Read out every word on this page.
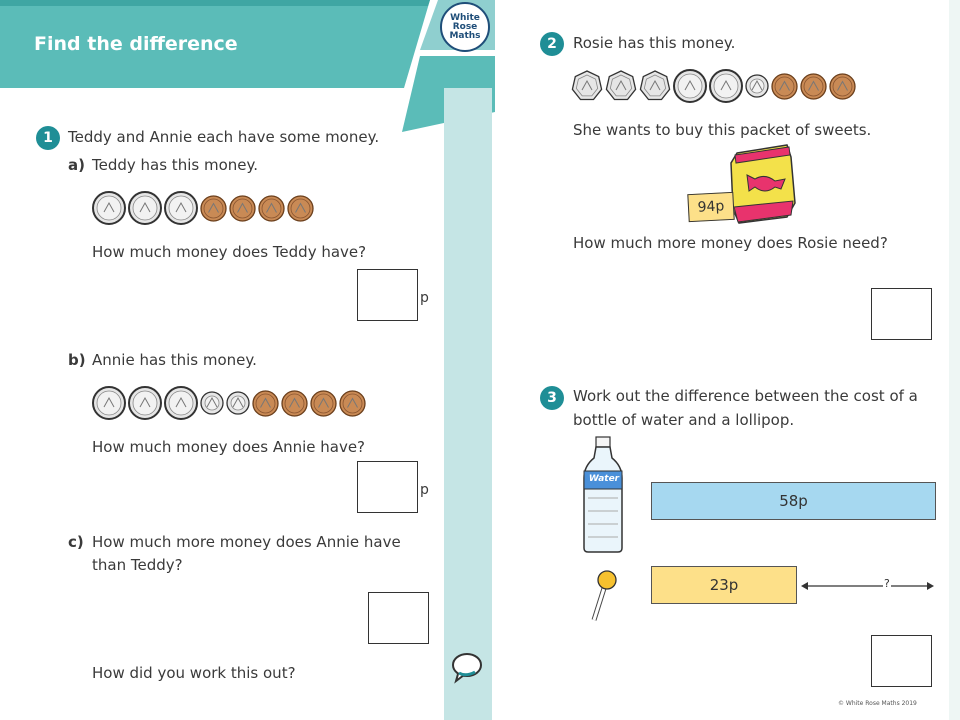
Find the difference
White
Rose
Maths
1	Teddy and Annie each have some money.
a) Teddy has this money.
How much money does Teddy have?
p
b) Annie has this money.
How much money does Annie have?
p
c) How much more money does Annie have
than Teddy?
How did you work this out?
2	Rosie has this money.
She wants to buy this packet of sweets.
94p
How much more money does Rosie need?
3	Work out the difference between the cost of a
bottle of water and a lollipop.
Water
58p
23p	?
© White Rose Maths 2019
